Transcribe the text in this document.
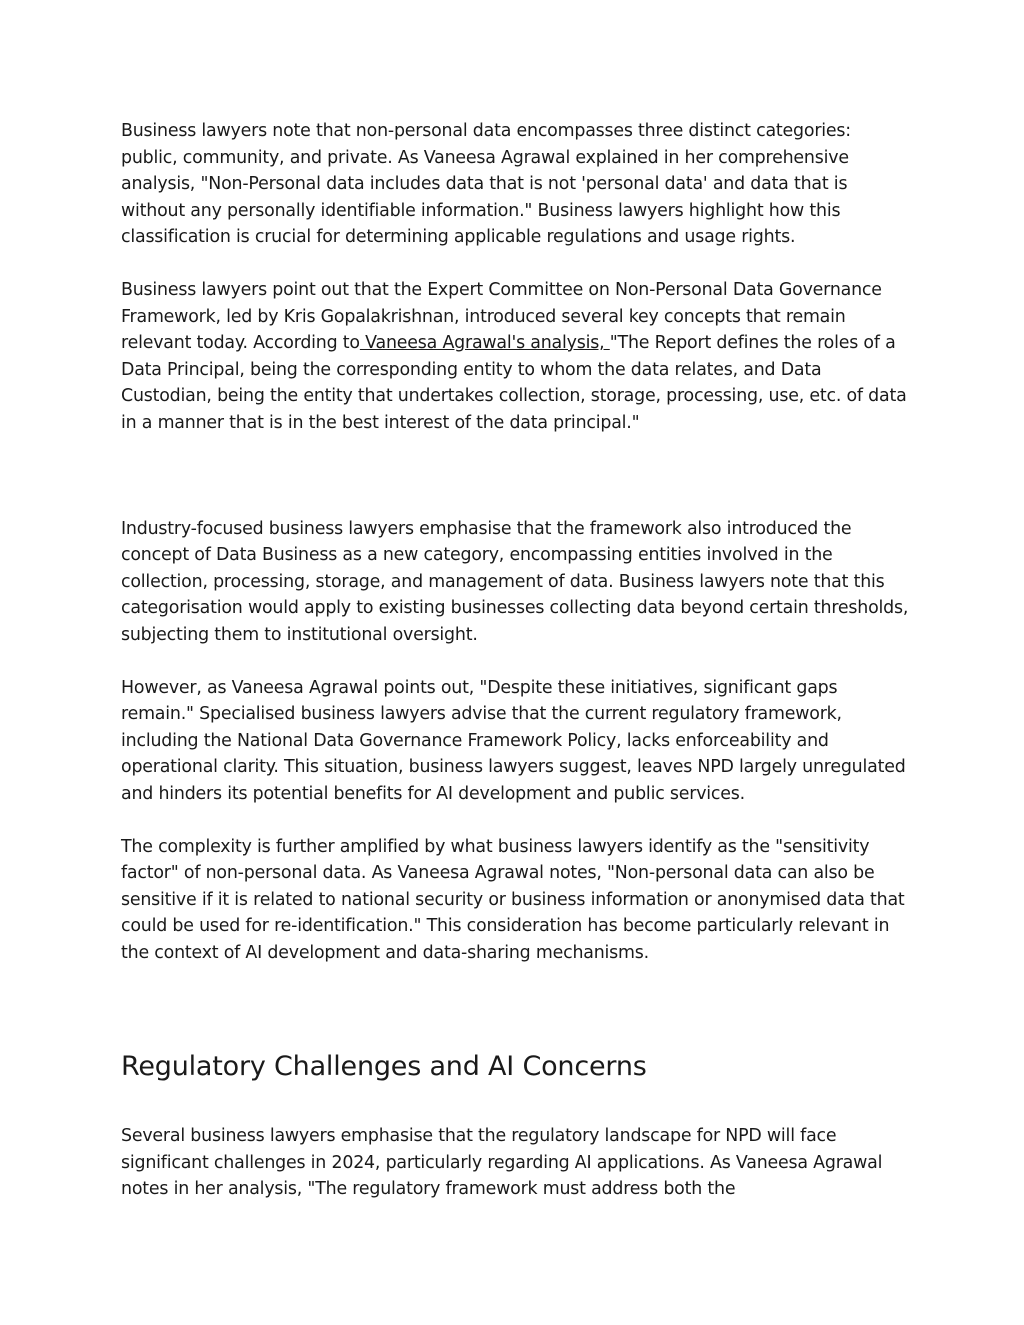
Business lawyers note that non-personal data encompasses three distinct categories: public, community, and private. As Vaneesa Agrawal explained in her comprehensive analysis, "Non-Personal data includes data that is not 'personal data' and data that is without any personally identifiable information." Business lawyers highlight how this classification is crucial for determining applicable regulations and usage rights.

Business lawyers point out that the Expert Committee on Non-Personal Data Governance Framework, led by Kris Gopalakrishnan, introduced several key concepts that remain relevant today. According to Vaneesa Agrawal's analysis, "The Report defines the roles of a Data Principal, being the corresponding entity to whom the data relates, and Data Custodian, being the entity that undertakes collection, storage, processing, use, etc. of data in a manner that is in the best interest of the data principal."

Industry-focused business lawyers emphasise that the framework also introduced the concept of Data Business as a new category, encompassing entities involved in the collection, processing, storage, and management of data. Business lawyers note that this categorisation would apply to existing businesses collecting data beyond certain thresholds, subjecting them to institutional oversight.

However, as Vaneesa Agrawal points out, "Despite these initiatives, significant gaps remain." Specialised business lawyers advise that the current regulatory framework, including the National Data Governance Framework Policy, lacks enforceability and operational clarity. This situation, business lawyers suggest, leaves NPD largely unregulated and hinders its potential benefits for AI development and public services.

The complexity is further amplified by what business lawyers identify as the "sensitivity factor" of non-personal data. As Vaneesa Agrawal notes, "Non-personal data can also be sensitive if it is related to national security or business information or anonymised data that could be used for re-identification." This consideration has become particularly relevant in the context of AI development and data-sharing mechanisms.

Regulatory Challenges and AI Concerns

Several business lawyers emphasise that the regulatory landscape for NPD will face significant challenges in 2024, particularly regarding AI applications. As Vaneesa Agrawal notes in her analysis, "The regulatory framework must address both the
